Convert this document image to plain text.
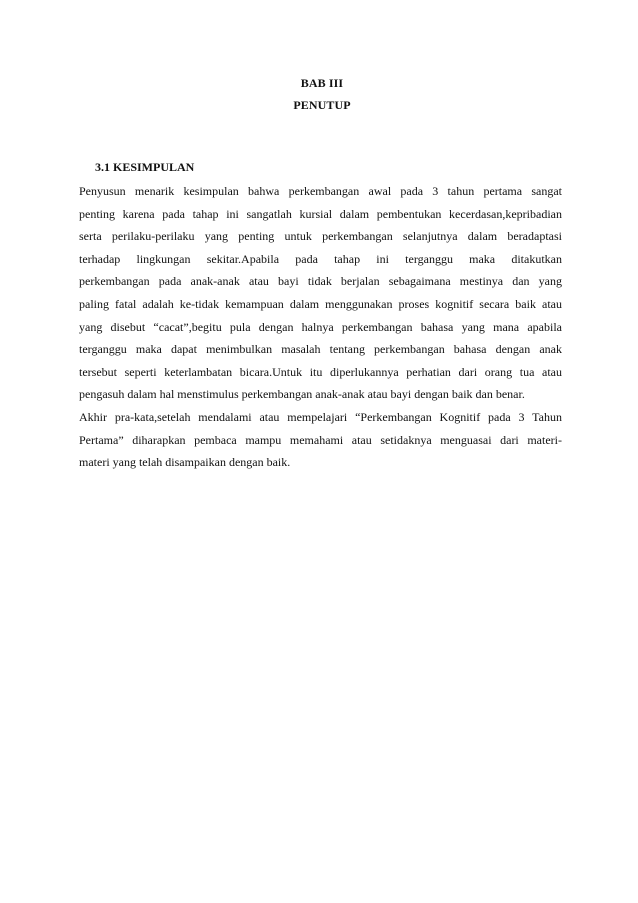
BAB III
PENUTUP
3.1 KESIMPULAN
Penyusun menarik kesimpulan bahwa perkembangan awal pada 3 tahun pertama sangat
penting karena pada tahap ini sangatlah kursial dalam pembentukan kecerdasan,kepribadian
serta perilaku-perilaku yang penting untuk perkembangan selanjutnya dalam beradaptasi
terhadap lingkungan sekitar.Apabila pada tahap ini terganggu maka ditakutkan
perkembangan pada anak-anak atau bayi tidak berjalan sebagaimana mestinya dan yang
paling fatal adalah ke-tidak kemampuan dalam menggunakan proses kognitif secara baik atau
yang disebut “cacat”,begitu pula dengan halnya perkembangan bahasa yang mana apabila
terganggu maka dapat menimbulkan masalah tentang perkembangan bahasa dengan anak
tersebut seperti keterlambatan bicara.Untuk itu diperlukannya perhatian dari orang tua atau
pengasuh dalam hal menstimulus perkembangan anak-anak atau bayi dengan baik dan benar.
Akhir pra-kata,setelah mendalami atau mempelajari “Perkembangan Kognitif pada 3 Tahun
Pertama” diharapkan pembaca mampu memahami atau setidaknya menguasai dari materi-
materi yang telah disampaikan dengan baik.
